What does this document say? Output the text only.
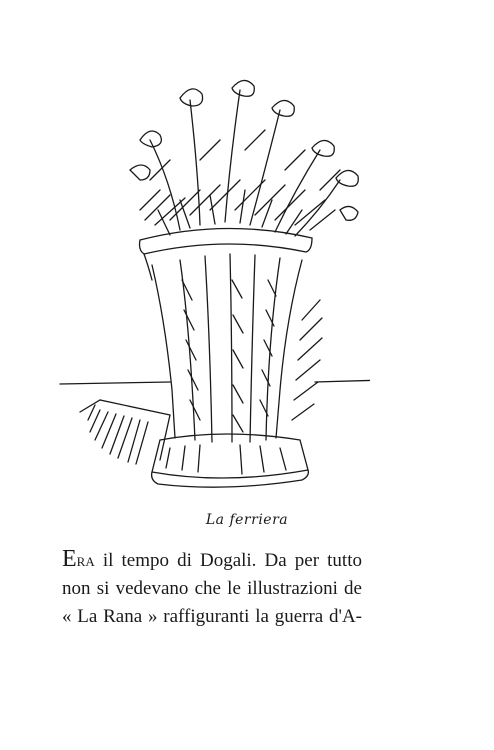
La ferriera
Era il tempo di Dogali. Da per tutto
non si vedevano che le illustrazioni de
« La Rana » raffiguranti la guerra d'A-
